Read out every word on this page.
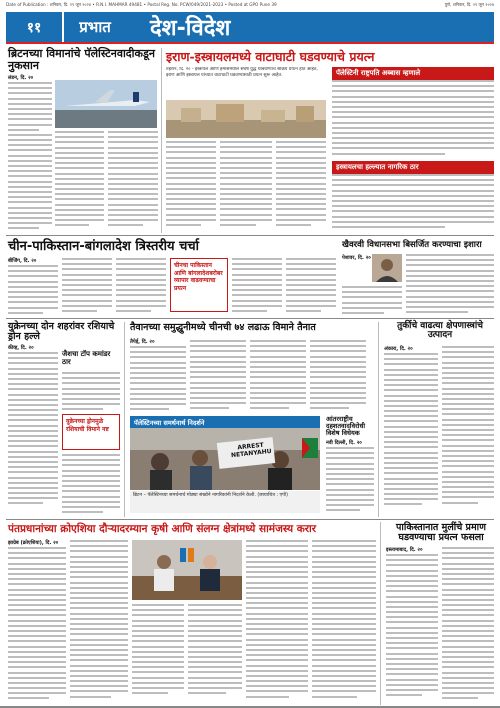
Date of Publication : शनिवार, दि. २९ जून २०२४ • R.N.I. MAHMAR 49481 • Postal Reg. No. PCW/049/2021-2023 • Posted at GPO Pune 39	पुणे, शनिवार, दि. २९ जून २०२४
११	प्रभात	देश-विदेश
ब्रिटनच्या विमानांचे पॅलेस्टिनवादीकडून नुकसान
लंडन, दि. २०
इराण-इस्त्रायलमध्ये वाटाघाटी घडवण्याचे प्रयत्न
तेहरान, दि. २० - इस्त्रायल आणि हमासमधील संघर्ष युद्ध थांबवण्याचे सक्रिय प्रयत्न होत आहेत, इराण आणि इस्त्रायल यांच्यात वाटाघाटी घडवण्यासाठी प्रयत्न सुरू आहेत.	पॅलेस्टिनी राष्ट्रपति अब्बास म्हणाले
इस्त्रायलचा हल्ल्यात नागरिक ठार
चीन-पाकिस्तान-बांगलादेश त्रिस्तरीय चर्चा
बीजिंग, दि. २०
चीनचा पाकिस्तान आणि बांगलादेशबरोबर व्यापार वाढवण्याचा प्रयत्न
खैवरवी विधानसभा बिसर्जित करण्याचा इशारा
पेशावर, दि. २०
युक्रेनच्या दोन शहरांवर रशियाचे ड्रोन हल्ले
कीव्ह, दि. २०
जैशचा टॉप कमांडर ठार
युक्रेनच्या ड्रोनमुळे रशियाची विमाने नष्ट
तैवानच्या समुद्धुनीमध्ये चीनची ७४ लढाऊ विमाने तैनात
तैपेई, दि. २०
पॅलेस्टिनच्या समर्थनार्थ निदर्शने
ARREST NETANYAHU
ब्रिटन – पॅलेस्टिनच्या समर्थनार्थ मोठ्या संख्येने नागरिकांनी निदर्शने केली. (छायाचित्र : एपी)
आंतरराष्ट्रीय दहशतवादविरोधी विशेष विधेयक
नवी दिल्ली, दि. २०
तुर्कीचे वाढत्या क्षेपणास्त्रांचे उत्पादन
अंकारा, दि. २०
पंतप्रधानांच्या क्रोएशिया दौऱ्यादरम्यान कृषी आणि संलग्न क्षेत्रांमध्ये सामंजस्य करार
झाग्रेब (क्रोएशिया), दि. २०
पाकिस्तानात मुलींचे प्रमाण घडवण्याचा प्रयत्न फसला
इस्लामाबाद, दि. २०
